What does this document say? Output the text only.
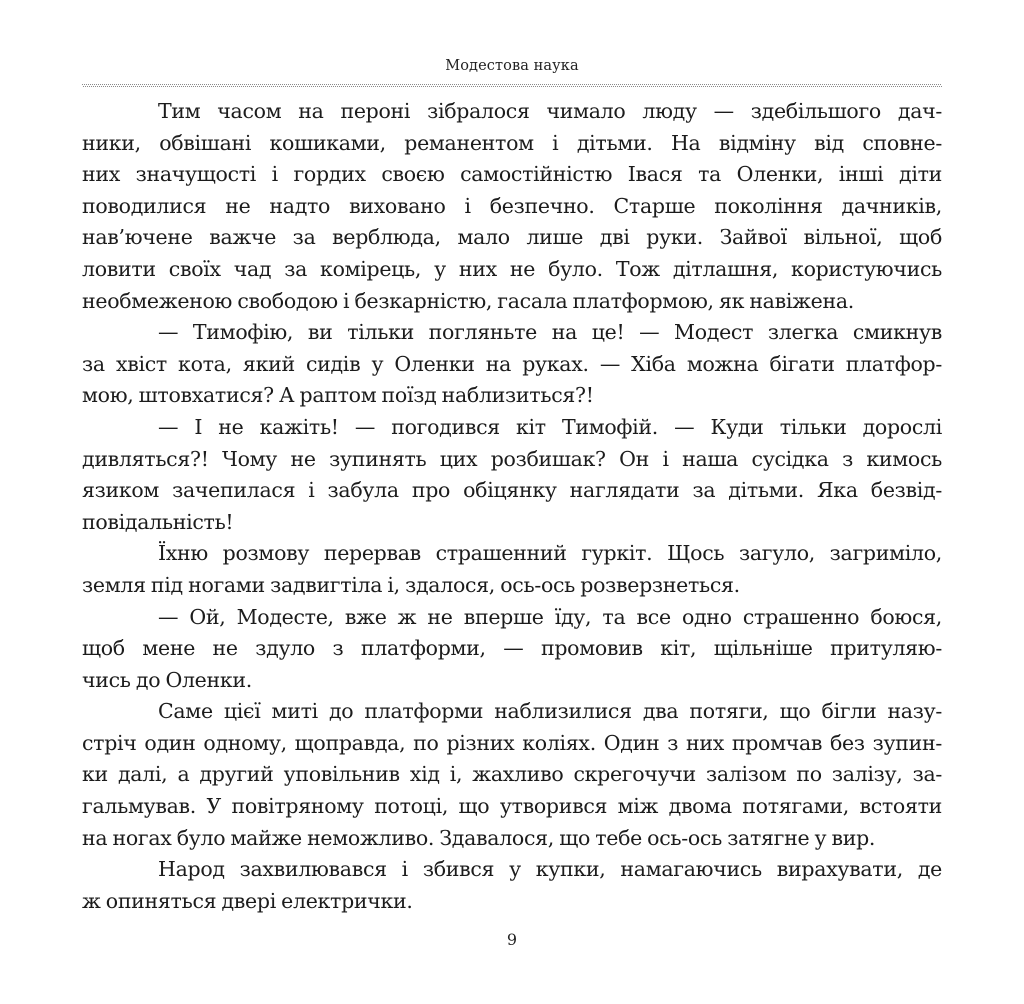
Модестова наука
Тим часом на пероні зібралося чимало люду — здебільшого дач-
ники, обвішані кошиками, реманентом і дітьми. На відміну від сповне-
них значущості і гордих своєю самостійністю Івася та Оленки, інші діти
поводилися не надто виховано і безпечно. Старше покоління дачників,
нав’ючене важче за верблюда, мало лише дві руки. Зайвої вільної, щоб
ловити своїх чад за комірець, у них не було. Тож дітлашня, користуючись
необмеженою свободою і безкарністю, гасала платформою, як навіжена.
— Тимофію, ви тільки погляньте на це! — Модест злегка смикнув
за хвіст кота, який сидів у Оленки на руках. — Хіба можна бігати платфор-
мою, штовхатися? А раптом поїзд наблизиться?!
— І не кажіть! — погодився кіт Тимофій. — Куди тільки дорослі
дивляться?! Чому не зупинять цих розбишак? Он і наша сусідка з кимось
язиком зачепилася і забула про обіцянку наглядати за дітьми. Яка безвід-
повідальність!
Їхню розмову перервав страшенний гуркіт. Щось загуло, загриміло,
земля під ногами задвигтіла і, здалося, ось-ось розверзнеться.
— Ой, Модесте, вже ж не вперше їду, та все одно страшенно боюся,
щоб мене не здуло з платформи, — промовив кіт, щільніше притуляю-
чись до Оленки.
Саме цієї миті до платформи наблизилися два потяги, що бігли назу-
стріч один одному, щоправда, по різних коліях. Один з них промчав без зупин-
ки далі, а другий уповільнив хід і, жахливо скрегочучи залізом по залізу, за-
гальмував. У повітряному потоці, що утворився між двома потягами, встояти
на ногах було майже неможливо. Здавалося, що тебе ось-ось затягне у вир.
Народ захвилювався і збився у купки, намагаючись вирахувати, де
ж опиняться двері електрички.
9
